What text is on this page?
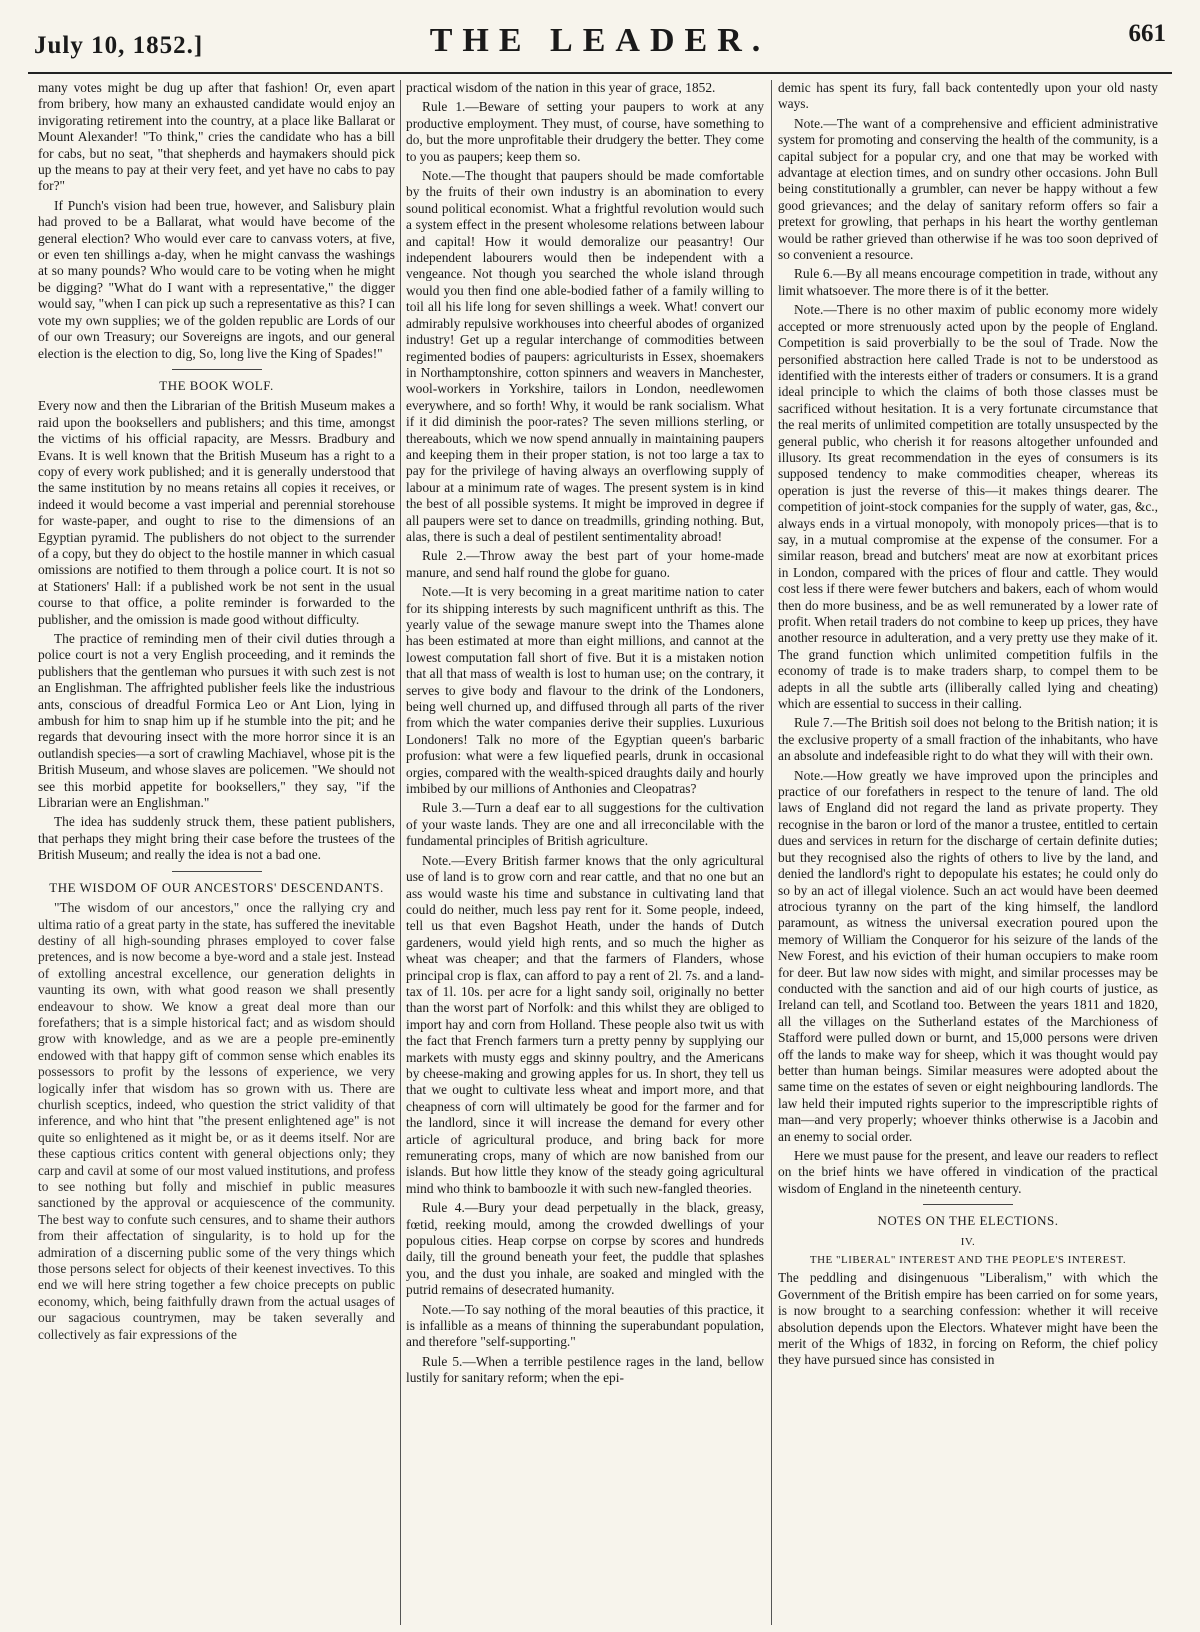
July 10, 1852.]	THE LEADER.	661

many votes might be dug up after that fashion! Or, even apart from bribery, how many an exhausted candidate would enjoy an invigorating retirement into the country, at a place like Ballarat or Mount Alexander! "To think," cries the candidate who has a bill for cabs, but no seat, "that shepherds and haymakers should pick up the means to pay at their very feet, and yet have no cabs to pay for?"

If Punch's vision had been true, however, and Salisbury plain had proved to be a Ballarat, what would have become of the general election? Who would ever care to canvass voters, at five, or even ten shillings a-day, when he might canvass the washings at so many pounds? Who would care to be voting when he might be digging? "What do I want with a representative," the digger would say, "when I can pick up such a representative as this? I can vote my own supplies; we of the golden republic are Lords of our of our own Treasury; our Sovereigns are ingots, and our general election is the election to dig, So, long live the King of Spades!"

THE BOOK WOLF.

Every now and then the Librarian of the British Museum makes a raid upon the booksellers and publishers; and this time, amongst the victims of his official rapacity, are Messrs. Bradbury and Evans. It is well known that the British Museum has a right to a copy of every work published; and it is generally understood that the same institution by no means retains all copies it receives, or indeed it would become a vast imperial and perennial storehouse for waste-paper, and ought to rise to the dimensions of an Egyptian pyramid. The publishers do not object to the surrender of a copy, but they do object to the hostile manner in which casual omissions are notified to them through a police court. It is not so at Stationers' Hall: if a published work be not sent in the usual course to that office, a polite reminder is forwarded to the publisher, and the omission is made good without difficulty.

The practice of reminding men of their civil duties through a police court is not a very English proceeding, and it reminds the publishers that the gentleman who pursues it with such zest is not an Englishman. The affrighted publisher feels like the industrious ants, conscious of dreadful Formica Leo or Ant Lion, lying in ambush for him to snap him up if he stumble into the pit; and he regards that devouring insect with the more horror since it is an outlandish species—a sort of crawling Machiavel, whose pit is the British Museum, and whose slaves are policemen. "We should not see this morbid appetite for booksellers," they say, "if the Librarian were an Englishman."

The idea has suddenly struck them, these patient publishers, that perhaps they might bring their case before the trustees of the British Museum; and really the idea is not a bad one.

THE WISDOM OF OUR ANCESTORS' DESCENDANTS.

"The wisdom of our ancestors," once the rallying cry and ultima ratio of a great party in the state, has suffered the inevitable destiny of all high-sounding phrases employed to cover false pretences, and is now become a bye-word and a stale jest. Instead of extolling ancestral excellence, our generation delights in vaunting its own, with what good reason we shall presently endeavour to show. We know a great deal more than our forefathers; that is a simple historical fact; and as wisdom should grow with knowledge, and as we are a people pre-eminently endowed with that happy gift of common sense which enables its possessors to profit by the lessons of experience, we very logically infer that wisdom has so grown with us. There are churlish sceptics, indeed, who question the strict validity of that inference, and who hint that "the present enlightened age" is not quite so enlightened as it might be, or as it deems itself. Nor are these captious critics content with general objections only; they carp and cavil at some of our most valued institutions, and profess to see nothing but folly and mischief in public measures sanctioned by the approval or acquiescence of the community. The best way to confute such censures, and to shame their authors from their affectation of singularity, is to hold up for the admiration of a discerning public some of the very things which those persons select for objects of their keenest invectives. To this end we will here string together a few choice precepts on public economy, which, being faithfully drawn from the actual usages of our sagacious countrymen, may be taken severally and collectively as fair expressions of the

practical wisdom of the nation in this year of grace, 1852.

Rule 1.—Beware of setting your paupers to work at any productive employment. They must, of course, have something to do, but the more unprofitable their drudgery the better. They come to you as paupers; keep them so.

Note.—The thought that paupers should be made comfortable by the fruits of their own industry is an abomination to every sound political economist. What a frightful revolution would such a system effect in the present wholesome relations between labour and capital! How it would demoralize our peasantry! Our independent labourers would then be independent with a vengeance. Not though you searched the whole island through would you then find one able-bodied father of a family willing to toil all his life long for seven shillings a week. What! convert our admirably repulsive workhouses into cheerful abodes of organized industry! Get up a regular interchange of commodities between regimented bodies of paupers: agriculturists in Essex, shoemakers in Northamptonshire, cotton spinners and weavers in Manchester, wool-workers in Yorkshire, tailors in London, needlewomen everywhere, and so forth! Why, it would be rank socialism. What if it did diminish the poor-rates? The seven millions sterling, or thereabouts, which we now spend annually in maintaining paupers and keeping them in their proper station, is not too large a tax to pay for the privilege of having always an overflowing supply of labour at a minimum rate of wages. The present system is in kind the best of all possible systems. It might be improved in degree if all paupers were set to dance on treadmills, grinding nothing. But, alas, there is such a deal of pestilent sentimentality abroad!

Rule 2.—Throw away the best part of your home-made manure, and send half round the globe for guano.

Note.—It is very becoming in a great maritime nation to cater for its shipping interests by such magnificent unthrift as this. The yearly value of the sewage manure swept into the Thames alone has been estimated at more than eight millions, and cannot at the lowest computation fall short of five. But it is a mistaken notion that all that mass of wealth is lost to human use; on the contrary, it serves to give body and flavour to the drink of the Londoners, being well churned up, and diffused through all parts of the river from which the water companies derive their supplies. Luxurious Londoners! Talk no more of the Egyptian queen's barbaric profusion: what were a few liquefied pearls, drunk in occasional orgies, compared with the wealth-spiced draughts daily and hourly imbibed by our millions of Anthonies and Cleopatras?

Rule 3.—Turn a deaf ear to all suggestions for the cultivation of your waste lands. They are one and all irreconcilable with the fundamental principles of British agriculture.

Note.—Every British farmer knows that the only agricultural use of land is to grow corn and rear cattle, and that no one but an ass would waste his time and substance in cultivating land that could do neither, much less pay rent for it. Some people, indeed, tell us that even Bagshot Heath, under the hands of Dutch gardeners, would yield high rents, and so much the higher as wheat was cheaper; and that the farmers of Flanders, whose principal crop is flax, can afford to pay a rent of 2l. 7s. and a land-tax of 1l. 10s. per acre for a light sandy soil, originally no better than the worst part of Norfolk: and this whilst they are obliged to import hay and corn from Holland. These people also twit us with the fact that French farmers turn a pretty penny by supplying our markets with musty eggs and skinny poultry, and the Americans by cheese-making and growing apples for us. In short, they tell us that we ought to cultivate less wheat and import more, and that cheapness of corn will ultimately be good for the farmer and for the landlord, since it will increase the demand for every other article of agricultural produce, and bring back for more remunerating crops, many of which are now banished from our islands. But how little they know of the steady going agricultural mind who think to bamboozle it with such new-fangled theories.

Rule 4.—Bury your dead perpetually in the black, greasy, fœtid, reeking mould, among the crowded dwellings of your populous cities. Heap corpse on corpse by scores and hundreds daily, till the ground beneath your feet, the puddle that splashes you, and the dust you inhale, are soaked and mingled with the putrid remains of desecrated humanity.

Note.—To say nothing of the moral beauties of this practice, it is infallible as a means of thinning the superabundant population, and therefore "self-supporting."

Rule 5.—When a terrible pestilence rages in the land, bellow lustily for sanitary reform; when the epi-

demic has spent its fury, fall back contentedly upon your old nasty ways.

Note.—The want of a comprehensive and efficient administrative system for promoting and conserving the health of the community, is a capital subject for a popular cry, and one that may be worked with advantage at election times, and on sundry other occasions. John Bull being constitutionally a grumbler, can never be happy without a few good grievances; and the delay of sanitary reform offers so fair a pretext for growling, that perhaps in his heart the worthy gentleman would be rather grieved than otherwise if he was too soon deprived of so convenient a resource.

Rule 6.—By all means encourage competition in trade, without any limit whatsoever. The more there is of it the better.

Note.—There is no other maxim of public economy more widely accepted or more strenuously acted upon by the people of England. Competition is said proverbially to be the soul of Trade. Now the personified abstraction here called Trade is not to be understood as identified with the interests either of traders or consumers. It is a grand ideal principle to which the claims of both those classes must be sacrificed without hesitation. It is a very fortunate circumstance that the real merits of unlimited competition are totally unsuspected by the general public, who cherish it for reasons altogether unfounded and illusory. Its great recommendation in the eyes of consumers is its supposed tendency to make commodities cheaper, whereas its operation is just the reverse of this—it makes things dearer. The competition of joint-stock companies for the supply of water, gas, &c., always ends in a virtual monopoly, with monopoly prices—that is to say, in a mutual compromise at the expense of the consumer. For a similar reason, bread and butchers' meat are now at exorbitant prices in London, compared with the prices of flour and cattle. They would cost less if there were fewer butchers and bakers, each of whom would then do more business, and be as well remunerated by a lower rate of profit. When retail traders do not combine to keep up prices, they have another resource in adulteration, and a very pretty use they make of it. The grand function which unlimited competition fulfils in the economy of trade is to make traders sharp, to compel them to be adepts in all the subtle arts (illiberally called lying and cheating) which are essential to success in their calling.

Rule 7.—The British soil does not belong to the British nation; it is the exclusive property of a small fraction of the inhabitants, who have an absolute and indefeasible right to do what they will with their own.

Note.—How greatly we have improved upon the principles and practice of our forefathers in respect to the tenure of land. The old laws of England did not regard the land as private property. They recognise in the baron or lord of the manor a trustee, entitled to certain dues and services in return for the discharge of certain definite duties; but they recognised also the rights of others to live by the land, and denied the landlord's right to depopulate his estates; he could only do so by an act of illegal violence. Such an act would have been deemed atrocious tyranny on the part of the king himself, the landlord paramount, as witness the universal execration poured upon the memory of William the Conqueror for his seizure of the lands of the New Forest, and his eviction of their human occupiers to make room for deer. But law now sides with might, and similar processes may be conducted with the sanction and aid of our high courts of justice, as Ireland can tell, and Scotland too. Between the years 1811 and 1820, all the villages on the Sutherland estates of the Marchioness of Stafford were pulled down or burnt, and 15,000 persons were driven off the lands to make way for sheep, which it was thought would pay better than human beings. Similar measures were adopted about the same time on the estates of seven or eight neighbouring landlords. The law held their imputed rights superior to the imprescriptible rights of man—and very properly; whoever thinks otherwise is a Jacobin and an enemy to social order.

Here we must pause for the present, and leave our readers to reflect on the brief hints we have offered in vindication of the practical wisdom of England in the nineteenth century.

NOTES ON THE ELECTIONS.
IV.
THE "LIBERAL" INTEREST AND THE PEOPLE'S INTEREST.

The peddling and disingenuous "Liberalism," with which the Government of the British empire has been carried on for some years, is now brought to a searching confession: whether it will receive absolution depends upon the Electors. Whatever might have been the merit of the Whigs of 1832, in forcing on Reform, the chief policy they have pursued since has consisted in
